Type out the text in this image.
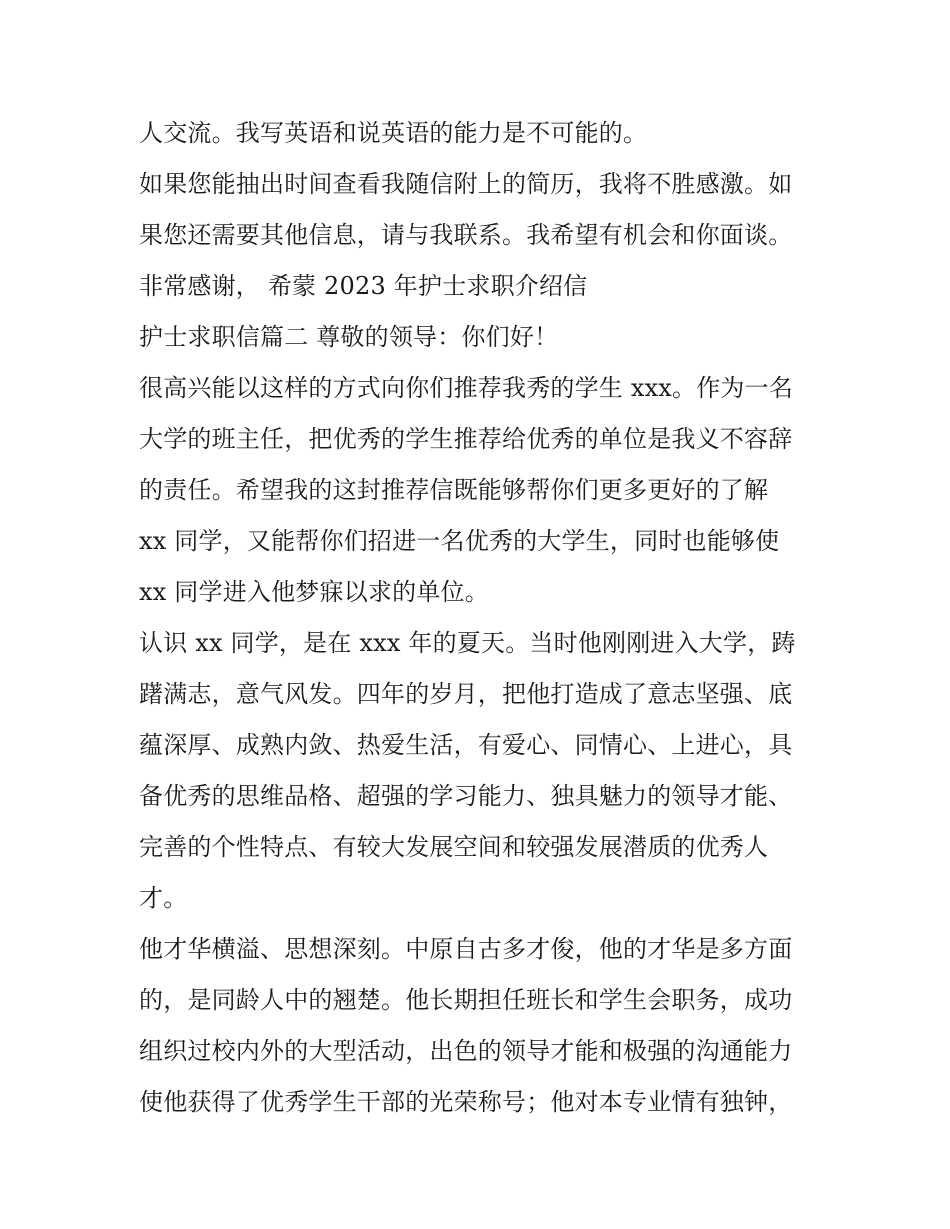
人交流。我写英语和说英语的能力是不可能的。
如果您能抽出时间查看我随信附上的简历，我将不胜感激。如
果您还需要其他信息，请与我联系。我希望有机会和你面谈。
非常感谢， 希蒙 2023 年护士求职介绍信
护士求职信篇二 尊敬的领导：你们好！
很高兴能以这样的方式向你们推荐我秀的学生 xxx。作为一名
大学的班主任，把优秀的学生推荐给优秀的单位是我义不容辞
的责任。希望我的这封推荐信既能够帮你们更多更好的了解
xx 同学，又能帮你们招进一名优秀的大学生，同时也能够使
xx 同学进入他梦寐以求的单位。
认识 xx 同学，是在 xxx 年的夏天。当时他刚刚进入大学，踌
躇满志，意气风发。四年的岁月，把他打造成了意志坚强、底
蕴深厚、成熟内敛、热爱生活，有爱心、同情心、上进心，具
备优秀的思维品格、超强的学习能力、独具魅力的领导才能、
完善的个性特点、有较大发展空间和较强发展潜质的优秀人
才。
他才华横溢、思想深刻。中原自古多才俊，他的才华是多方面
的，是同龄人中的翘楚。他长期担任班长和学生会职务，成功
组织过校内外的大型活动，出色的领导才能和极强的沟通能力
使他获得了优秀学生干部的光荣称号；他对本专业情有独钟，
